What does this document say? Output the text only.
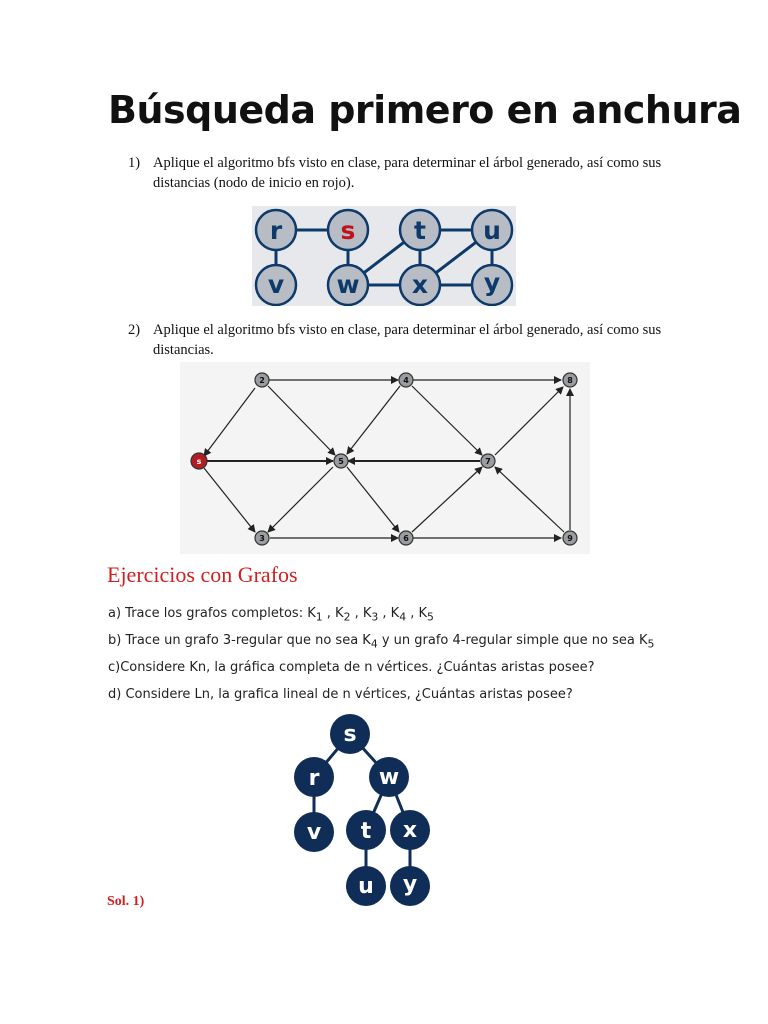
Búsqueda primero en anchura
1) Aplique el algoritmo bfs visto en clase, para determinar el árbol generado, así como sus distancias (nodo de inicio en rojo).
r s t u
v w x y
2) Aplique el algoritmo bfs visto en clase, para determinar el árbol generado, así como sus distancias.
2	4	8
s	5	7
3	6	9
Ejercicios con Grafos
a) Trace los grafos completos: $K_1$ , $K_2$ , $K_3$ , $K_4$ , $K_5$
b) Trace un grafo 3-regular que no sea $K_4$ y un grafo 4-regular simple que no sea $K_5$
c)Considere Kn, la gráfica completa de n vértices. ¿Cuántas aristas posee?
d) Considere Ln, la grafica lineal de n vértices, ¿Cuántas aristas posee?
s
r	w
v t x
u y
Sol. 1)
